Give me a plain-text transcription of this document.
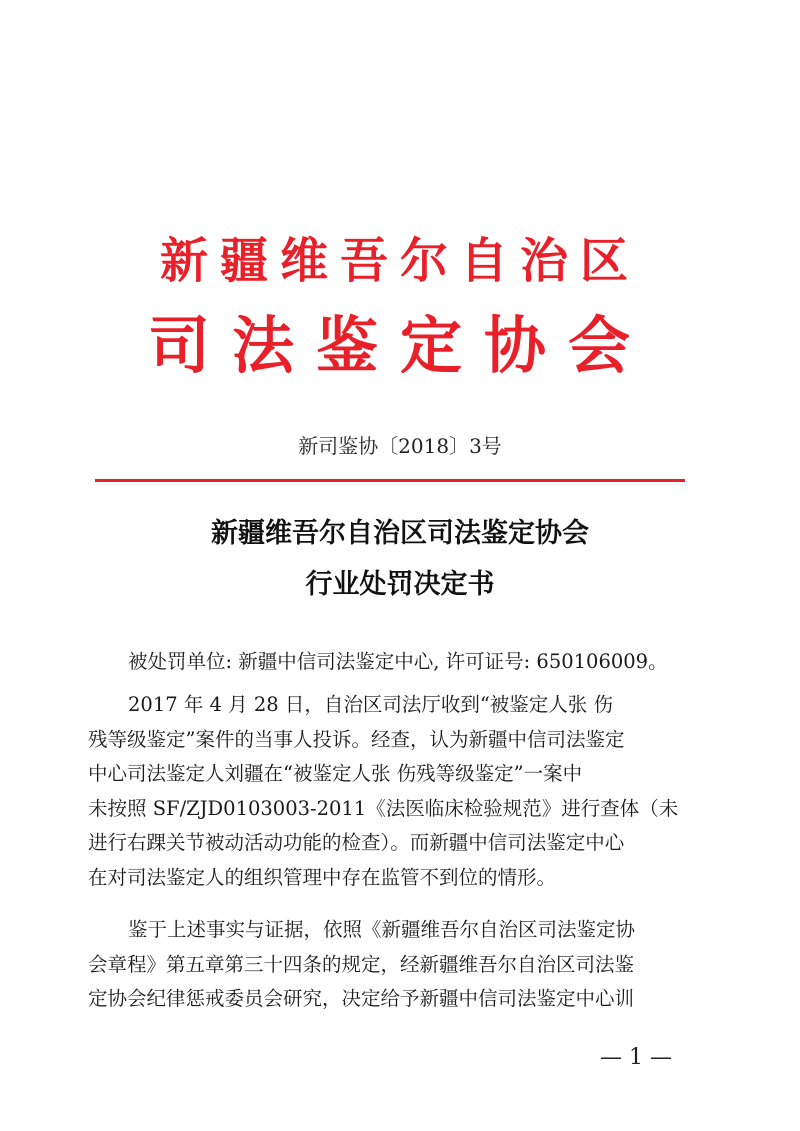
新疆维吾尔自治区
司法鉴定协会
新司鉴协〔2018〕3号
新疆维吾尔自治区司法鉴定协会
行业处罚决定书

被处罚单位: 新疆中信司法鉴定中心, 许可证号: 650106009。

2017 年 4 月 28 日，自治区司法厅收到“被鉴定人张 伤

残等级鉴定”案件的当事人投诉。经查，认为新疆中信司法鉴定
中心司法鉴定人刘疆在“被鉴定人张 伤残等级鉴定”一案中
未按照 SF/ZJD0103003-2011《法医临床检验规范》进行查体（未
进行右踝关节被动活动功能的检查）。而新疆中信司法鉴定中心
在对司法鉴定人的组织管理中存在监管不到位的情形。

鉴于上述事实与证据，依照《新疆维吾尔自治区司法鉴定协

会章程》第五章第三十四条的规定，经新疆维吾尔自治区司法鉴
定协会纪律惩戒委员会研究，决定给予新疆中信司法鉴定中心训
— 1 —
